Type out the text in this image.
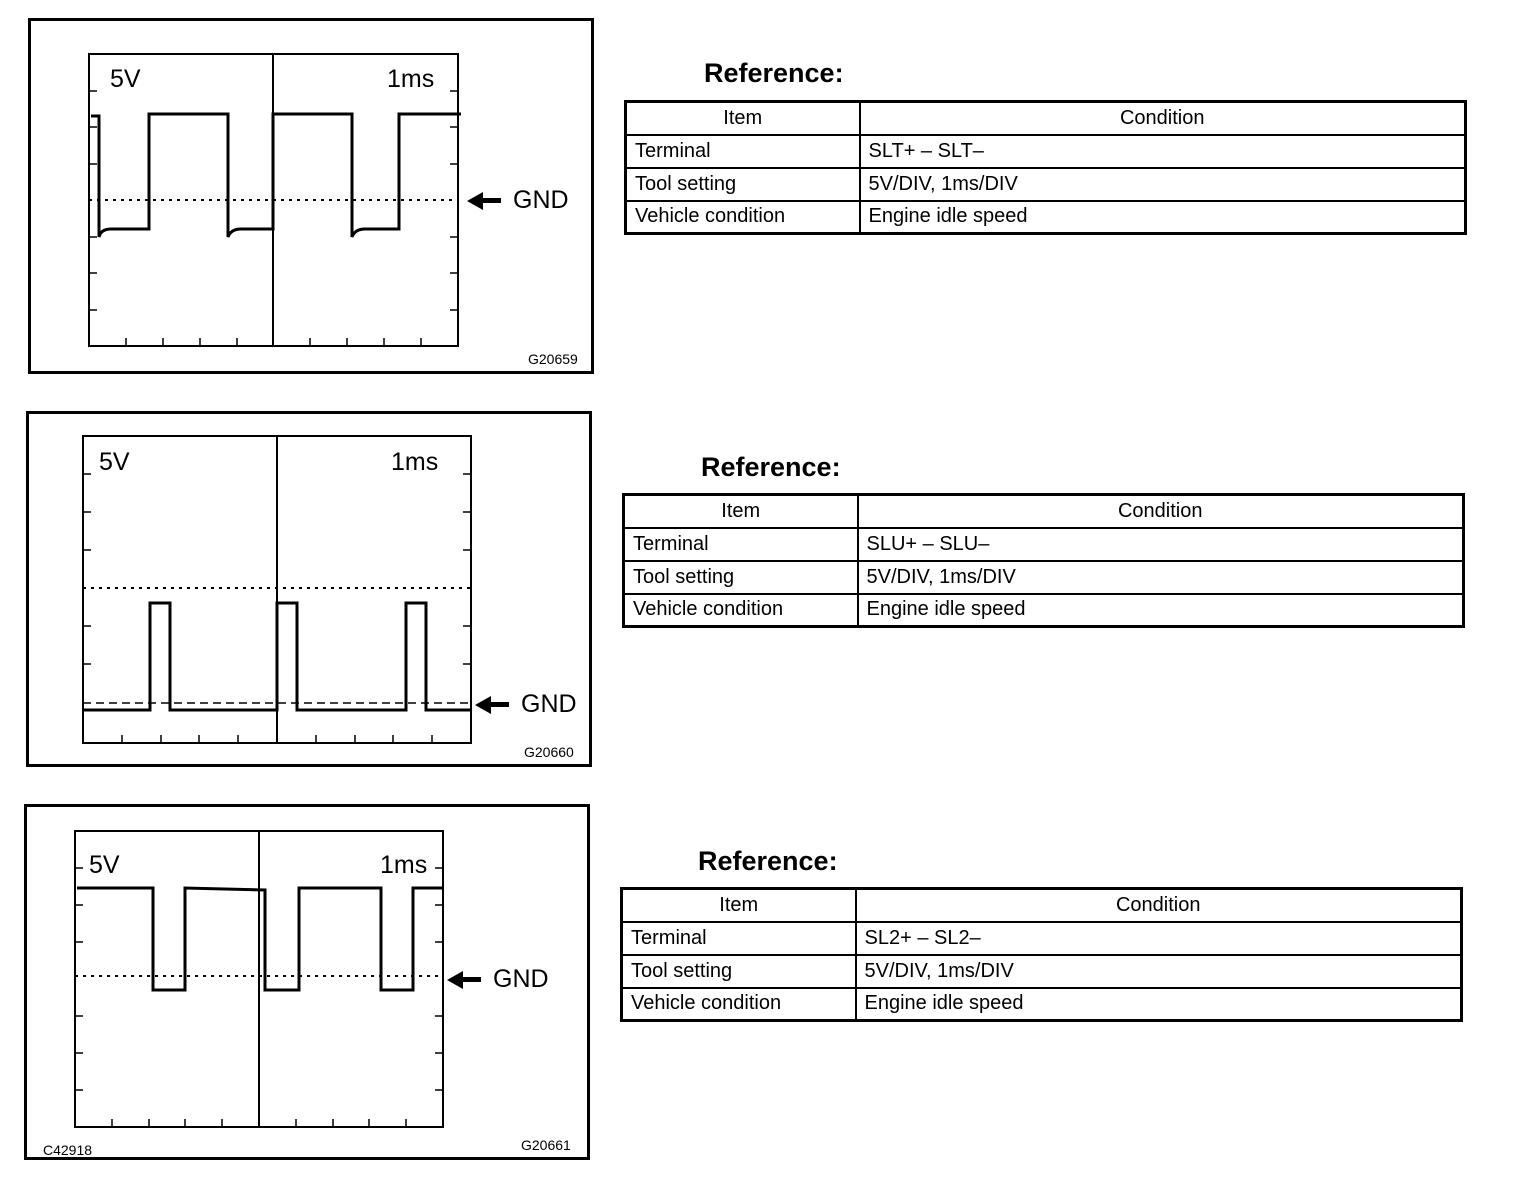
5V	1ms
GND
G20659
Reference:
Item	Condition
Terminal	SLT+ – SLT–
Tool setting	5V/DIV, 1ms/DIV
Vehicle condition	Engine idle speed
5V	1ms
GND
G20660
Reference:
Item	Condition
Terminal	SLU+ – SLU–
Tool setting	5V/DIV, 1ms/DIV
Vehicle condition	Engine idle speed
5V	1ms
GND
C42918	G20661
Reference:
Item	Condition
Terminal	SL2+ – SL2–
Tool setting	5V/DIV, 1ms/DIV
Vehicle condition	Engine idle speed
